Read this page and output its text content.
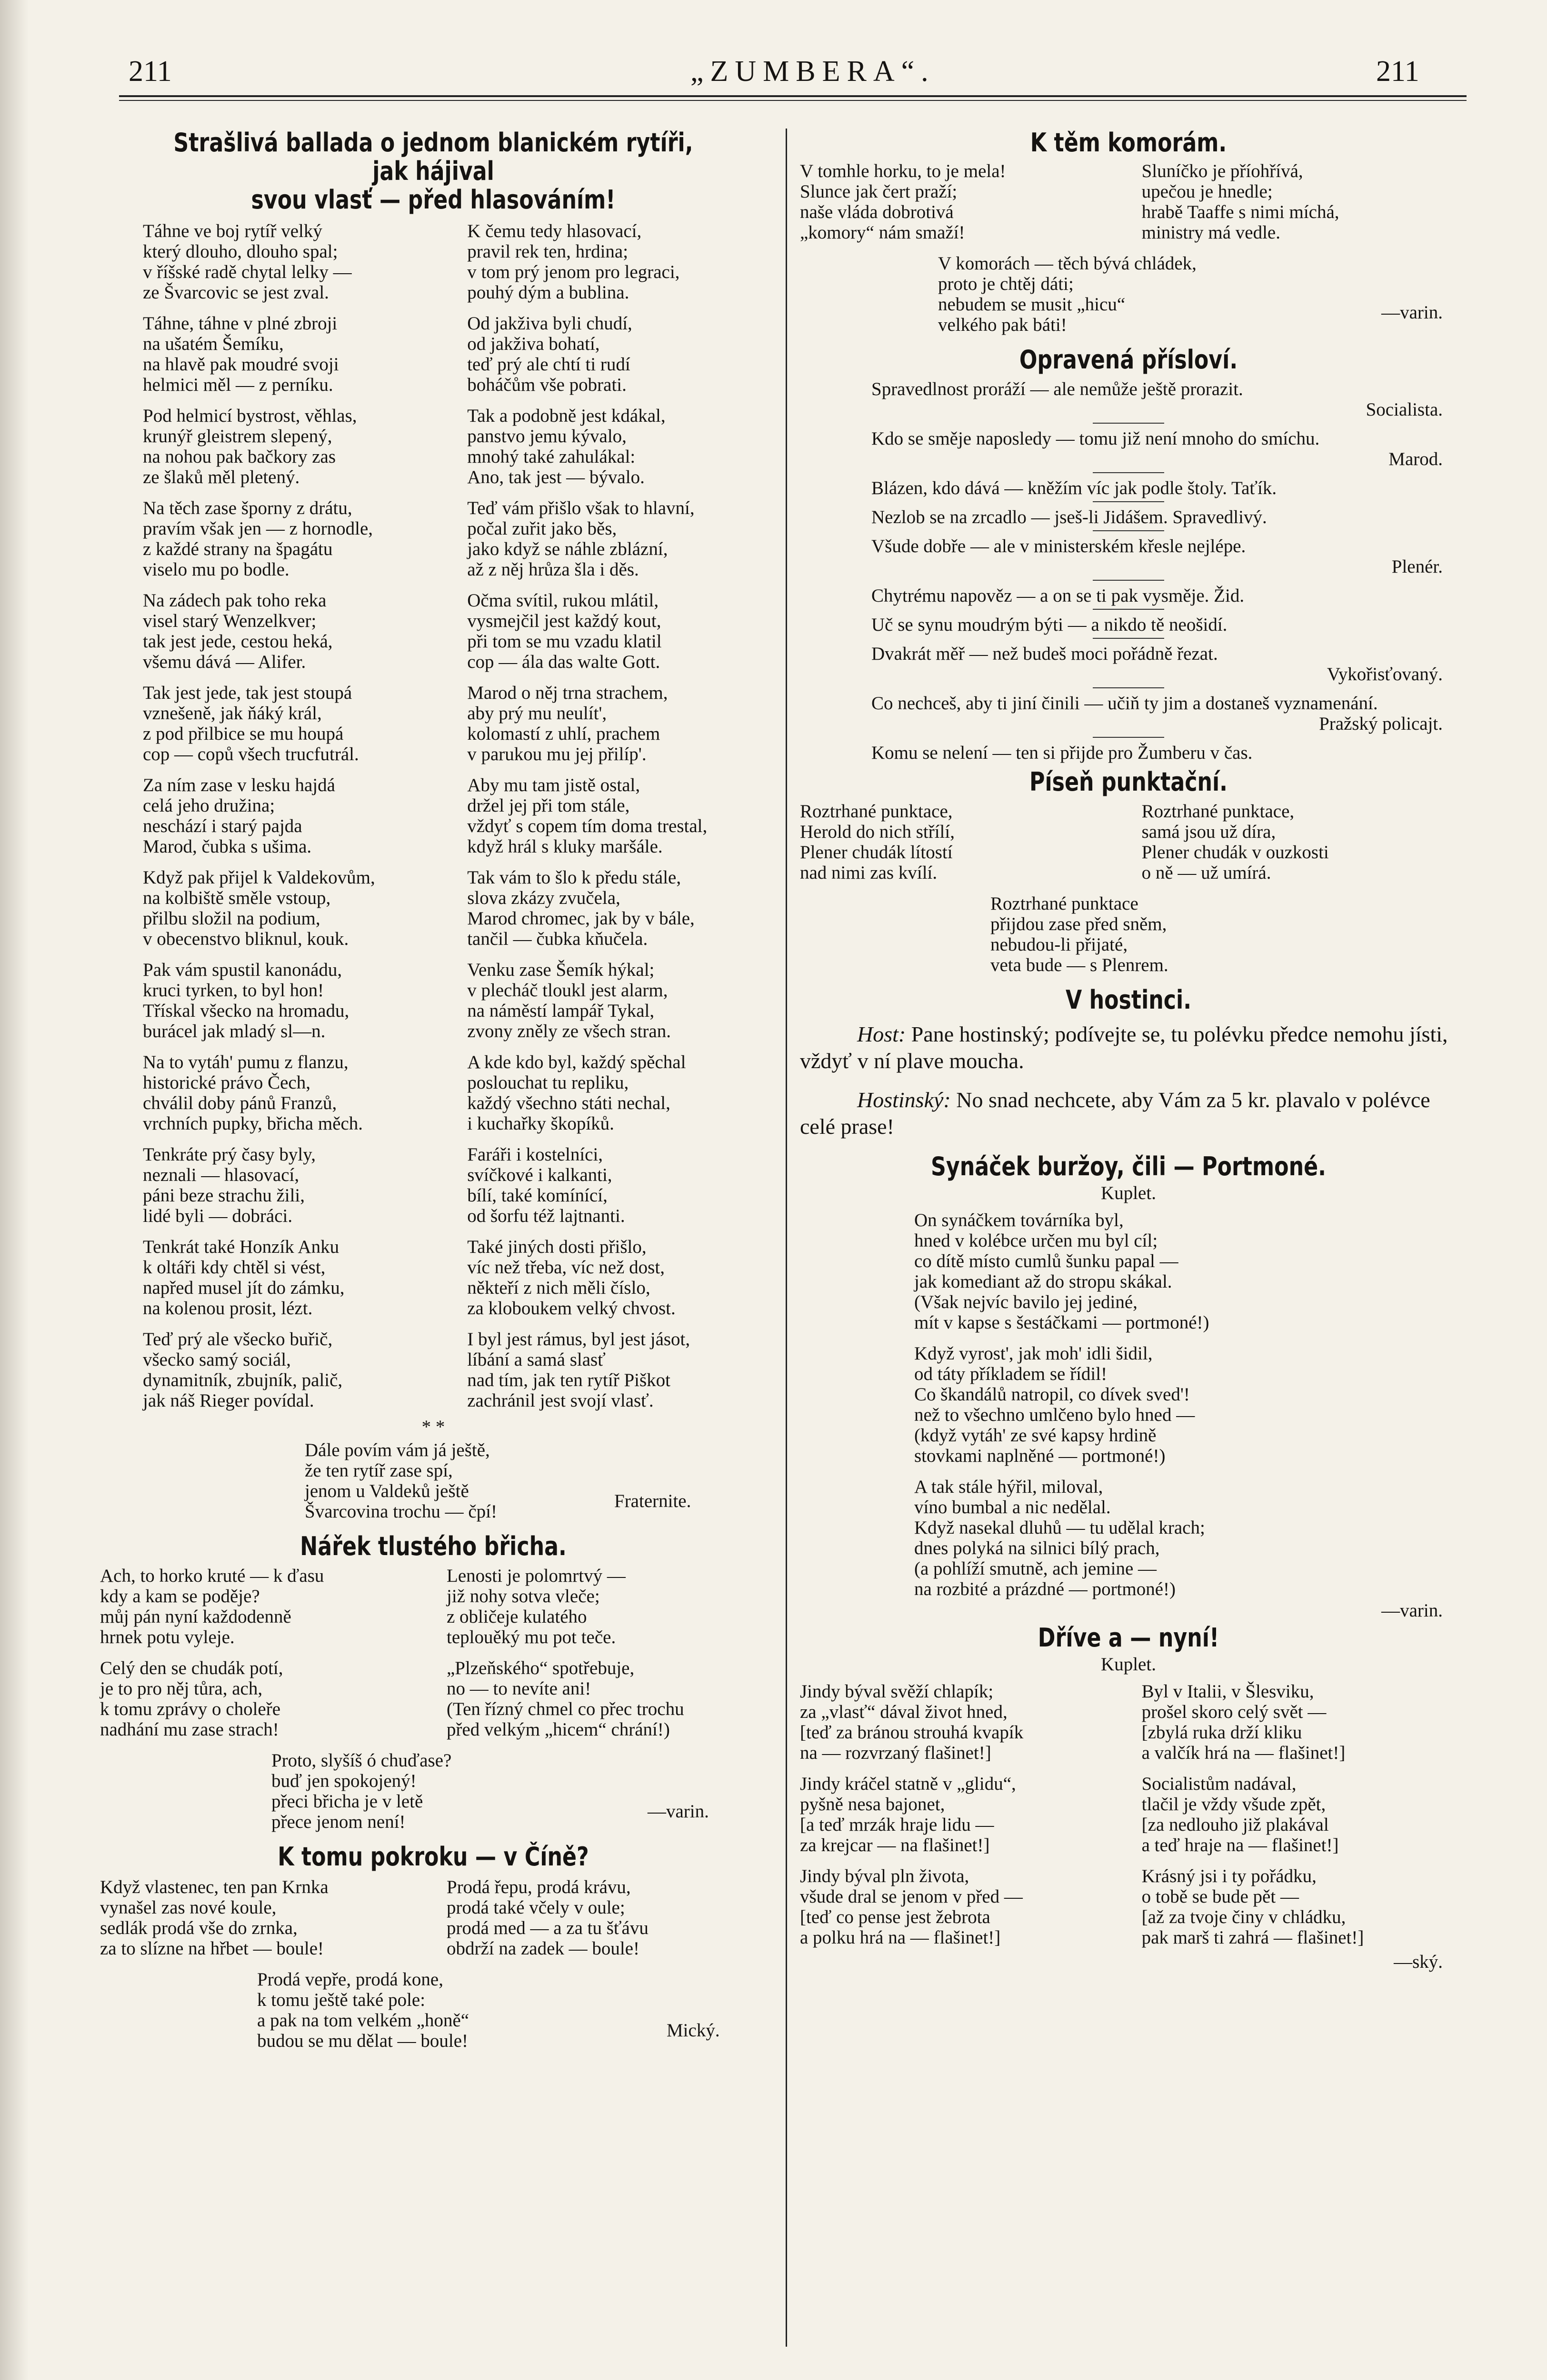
211	„ZUMBERA“.	211
Strašlivá ballada o jednom blanickém rytíři, jak hájival
svou vlasť — před hlasováním!
Táhne ve boj rytíř velký
který dlouho, dlouho spal;
v říšské radě chytal lelky —
ze Švarcovic se jest zval.
Táhne, táhne v plné zbroji
na ušatém Šemíku,
na hlavě pak moudré svoji
helmici měl — z perníku.
Pod helmicí bystrost, věhlas,
krunýř gleistrem slepený,
na nohou pak bačkory zas
ze šlaků měl pletený.
Na těch zase šporny z drátu,
pravím však jen — z hornodle,
z každé strany na špagátu
viselo mu po bodle.
Na zádech pak toho reka
visel starý Wenzelkver;
tak jest jede, cestou heká,
všemu dává — Alifer.
Tak jest jede, tak jest stoupá
vznešeně, jak ňáký král,
z pod přilbice se mu houpá
cop — copů všech trucfutrál.
Za ním zase v lesku hajdá
celá jeho družina;
neschází i starý pajda
Marod, čubka s ušima.
Když pak přijel k Valdekovům,
na kolbiště směle vstoup,
přilbu složil na podium,
v obecenstvo bliknul, kouk.
Pak vám spustil kanonádu,
kruci tyrken, to byl hon!
Třískal všecko na hromadu,
burácel jak mladý sl—n.
Na to vytáh' pumu z flanzu,
historické právo Čech,
chválil doby pánů Franzů,
vrchních pupky, břicha měch.
Tenkráte prý časy byly,
neznali — hlasovací,
páni beze strachu žili,
lidé byli — dobráci.
Tenkrát také Honzík Anku
k oltáři kdy chtěl si vést,
napřed musel jít do zámku,
na kolenou prosit, lézt.
Teď prý ale všecko buřič,
všecko samý sociál,
dynamitník, zbujník, palič,
jak náš Rieger povídal.
K čemu tedy hlasovací,
pravil rek ten, hrdina;
v tom prý jenom pro legraci,
pouhý dým a bublina.
Od jakživa byli chudí,
od jakživa bohatí,
teď prý ale chtí ti rudí
boháčům vše pobrati.
Tak a podobně jest kdákal,
panstvo jemu kývalo,
mnohý také zahulákal:
Ano, tak jest — bývalo.
Teď vám přišlo však to hlavní,
počal zuřit jako běs,
jako když se náhle zblázní,
až z něj hrůza šla i děs.
Očma svítil, rukou mlátil,
vysmejčil jest každý kout,
při tom se mu vzadu klatil
cop — ála das walte Gott.
Marod o něj trna strachem,
aby prý mu neulít',
kolomastí z uhlí, prachem
v parukou mu jej přilíp'.
Aby mu tam jistě ostal,
držel jej při tom stále,
vždyť s copem tím doma trestal,
když hrál s kluky maršále.
Tak vám to šlo k předu stále,
slova zkázy zvučela,
Marod chromec, jak by v bále,
tančil — čubka kňučela.
Venku zase Šemík hýkal;
v plecháč tloukl jest alarm,
na náměstí lampář Tykal,
zvony zněly ze všech stran.
A kde kdo byl, každý spěchal
poslouchat tu repliku,
každý všechno státi nechal,
i kuchařky škopíků.
Faráři i kostelníci,
svíčkové i kalkanti,
bílí, také komínící,
od šorfu též lajtnanti.
Také jiných dosti přišlo,
víc než třeba, víc než dost,
někteří z nich měli číslo,
za kloboukem velký chvost.
I byl jest rámus, byl jest jásot,
líbání a samá slasť
nad tím, jak ten rytíř Piškot
zachránil jest svojí vlasť.
* *
Dále povím vám já ještě,
že ten rytíř zase spí,
jenom u Valdeků ještě
Švarcovina trochu — čpí!
Fraternite.
Nářek tlustého břicha.
Ach, to horko kruté — k ďasu
kdy a kam se poděje?
můj pán nyní každodenně
hrnek potu vyleje.
Celý den se chudák potí,
je to pro něj tůra, ach,
k tomu zprávy o choleře
nadhání mu zase strach!
Lenosti je polomrtvý —
již nohy sotva vleče;
z obličeje kulatého
teplouěký mu pot teče.
„Plzeňského“ spotřebuje,
no — to nevíte ani!
(Ten řízný chmel co přec trochu
před velkým „hicem“ chrání!)
Proto, slyšíš ó chuďase?
buď jen spokojený!
přeci břicha je v letě
přece jenom není!
—varin.
K tomu pokroku — v Číně?
Když vlastenec, ten pan Krnka
vynašel zas nové koule,
sedlák prodá vše do zrnka,
za to slízne na hřbet — boule!
Prodá řepu, prodá krávu,
prodá také včely v oule;
prodá med — a za tu šťávu
obdrží na zadek — boule!
Prodá vepře, prodá kone,
k tomu ještě také pole:
a pak na tom velkém „honě“
budou se mu dělat — boule!
Mický.
K těm komorám.
V tomhle horku, to je mela!
Slunce jak čert praží;
naše vláda dobrotivá
„komory“ nám smaží!
Sluníčko je příohřívá,
upečou je hnedle;
hrabě Taaffe s nimi míchá,
ministry má vedle.
V komorách — těch bývá chládek,
proto je chtěj dáti;
nebudem se musit „hicu“
velkého pak báti!
—varin.
Opravená přísloví.
Spravedlnost proráží — ale nemůže ještě prorazit.
Socialista.
Kdo se směje naposledy — tomu již není mnoho do smíchu.
Marod.
Blázen, kdo dává — kněžím víc jak podle štoly. Taťík.
Nezlob se na zrcadlo — jseš-li Jidášem. Spravedlivý.
Všude dobře — ale v ministerském křesle nejlépe.
Plenér.
Chytrému napověz — a on se ti pak vysměje. Žid.
Uč se synu moudrým býti — a nikdo tě neošidí.
Dvakrát měř — než budeš moci pořádně řezat.
Vykořisťovaný.
Co nechceš, aby ti jiní činili — učiň ty jim a dostaneš vyznamenání.
Pražský policajt.
Komu se nelení — ten si přijde pro Žumberu v čas.
Píseň punktační.
Roztrhané punktace,
Herold do nich střílí,
Plener chudák lítostí
nad nimi zas kvílí.
Roztrhané punktace,
samá jsou už díra,
Plener chudák v ouzkosti
o ně — už umírá.
Roztrhané punktace
přijdou zase před sněm,
nebudou-li přijaté,
veta bude — s Plenrem.
V hostinci.
Host: Pane hostinský; podívejte se, tu polévku předce nemohu jísti, vždyť v ní plave moucha.
Hostinský: No snad nechcete, aby Vám za 5 kr. plavalo v polévce celé prase!
Synáček buržoy, čili — Portmoné.
Kuplet.
On synáčkem továrníka byl,
hned v kolébce určen mu byl cíl;
co dítě místo cumlů šunku papal —
jak komediant až do stropu skákal.
(Však nejvíc bavilo jej jediné,
mít v kapse s šestáčkami — portmoné!)
Když vyrost', jak moh' idli šidil,
od táty příkladem se řídil!
Co škandálů natropil, co dívek sved'!
než to všechno umlčeno bylo hned —
(když vytáh' ze své kapsy hrdině
stovkami naplněné — portmoné!)
A tak stále hýřil, miloval,
víno bumbal a nic nedělal.
Když nasekal dluhů — tu udělal krach;
dnes polyká na silnici bílý prach,
(a pohlíží smutně, ach jemine —
na rozbité a prázdné — portmoné!)
—varin.
Dříve a — nyní!
Kuplet.
Jindy býval svěží chlapík;
za „vlasť“ dával život hned,
[teď za bránou strouhá kvapík
na — rozvrzaný flašinet!]
Jindy kráčel statně v „glidu“,
pyšně nesa bajonet,
[a teď mrzák hraje lidu —
za krejcar — na flašinet!]
Jindy býval pln života,
všude dral se jenom v před —
[teď co pense jest žebrota
a polku hrá na — flašinet!]
Byl v Italii, v Šlesviku,
prošel skoro celý svět —
[zbylá ruka drží kliku
a valčík hrá na — flašinet!]
Socialistům nadával,
tlačil je vždy všude zpět,
[za nedlouho již plakával
a teď hraje na — flašinet!]
Krásný jsi i ty pořádku,
o tobě se bude pět —
[až za tvoje činy v chládku,
pak marš ti zahrá — flašinet!]
—ský.
